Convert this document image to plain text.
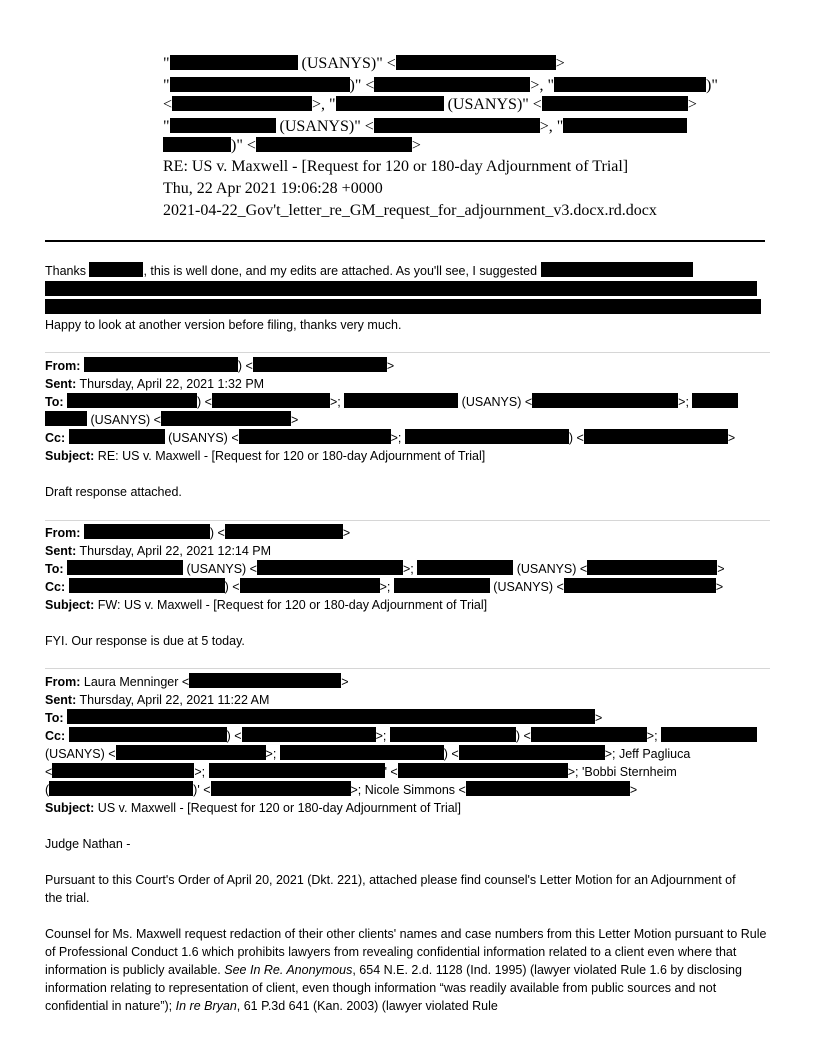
"	(USANYS)" <	>
"	)" <	>, "	)"
<	>, "	(USANYS)" <	>
"	(USANYS)" <	>, "
)" <	>
RE: US v. Maxwell - [Request for 120 or 180-day Adjournment of Trial]
Thu, 22 Apr 2021 19:06:28 +0000
2021-04-22_Gov't_letter_re_GM_request_for_adjournment_v3.docx.rd.docx
Thanks	, this is well done, and my edits are attached. As you'll see, I suggested
Happy to look at another version before filing, thanks very much.
From:	) <	>
Sent: Thursday, April 22, 2021 1:32 PM
To:	) <	>;	(USANYS) <	>;
(USANYS) <	>
Cc:	(USANYS) <	>;	) <	>
Subject: RE: US v. Maxwell - [Request for 120 or 180-day Adjournment of Trial]
Draft response attached.
From:	) <	>
Sent: Thursday, April 22, 2021 12:14 PM
To:	(USANYS) <	>;	(USANYS) <	>
Cc:	) <	>;	(USANYS) <	>
Subject: FW: US v. Maxwell - [Request for 120 or 180-day Adjournment of Trial]
FYI. Our response is due at 5 today.
From: Laura Menninger <	>
Sent: Thursday, April 22, 2021 11:22 AM
To:	>
Cc:	) <	>;	) <	>;
(USANYS) <	>;	) <	>; Jeff Pagliuca
<	>;	' <	>; 'Bobbi Sternheim
(	)' <	>; Nicole Simmons <	>
Subject: US v. Maxwell - [Request for 120 or 180-day Adjournment of Trial]
Judge Nathan -
Pursuant to this Court's Order of April 20, 2021 (Dkt. 221), attached please find counsel's Letter Motion for an Adjournment of the trial.
Counsel for Ms. Maxwell request redaction of their other clients' names and case numbers from this Letter Motion pursuant to Rule of Professional Conduct 1.6 which prohibits lawyers from revealing confidential information related to a client even where that information is publicly available. See In Re. Anonymous, 654 N.E. 2.d. 1128 (Ind. 1995) (lawyer violated Rule 1.6 by disclosing information relating to representation of client, even though information “was readily available from public sources and not confidential in nature”); In re Bryan, 61 P.3d 641 (Kan. 2003) (lawyer violated Rule
